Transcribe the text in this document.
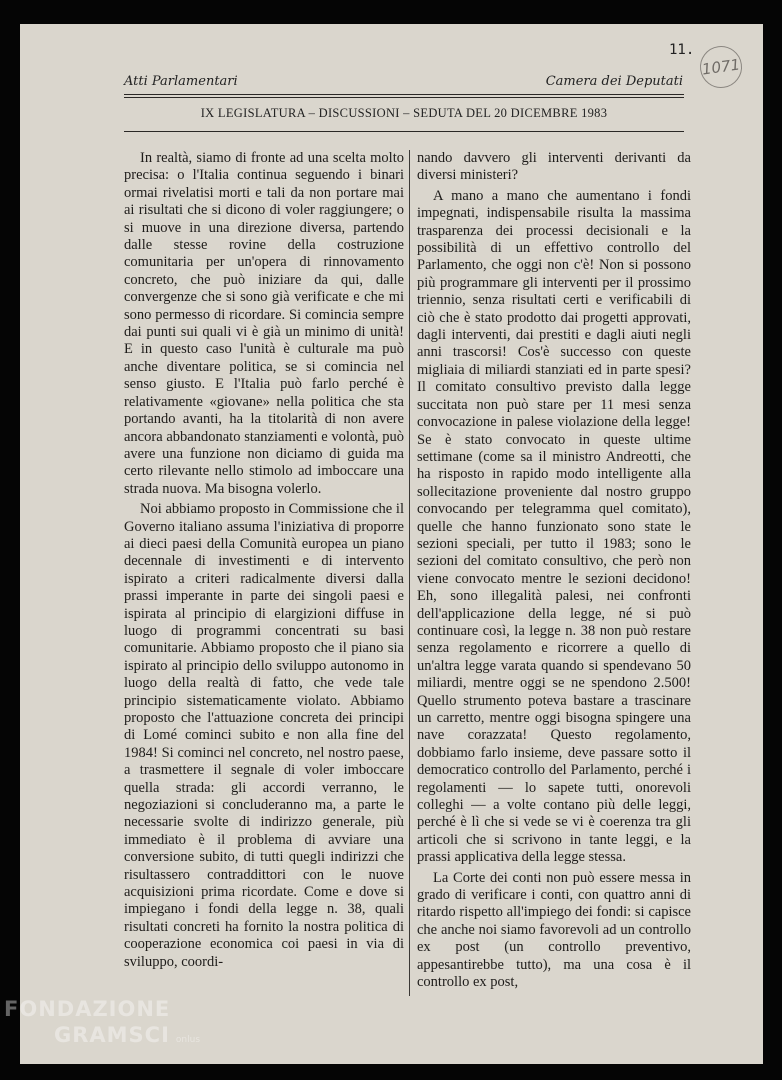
11.
1071
Atti Parlamentari	Camera dei Deputati
IX LEGISLATURA – DISCUSSIONI – SEDUTA DEL 20 DICEMBRE 1983

In realtà, siamo di fronte ad una scelta molto precisa: o l'Italia continua seguendo i binari ormai rivelatisi morti e tali da non portare mai ai risultati che si dicono di voler raggiungere; o si muove in una direzione diversa, partendo dalle stesse rovine della costruzione comunitaria per un'opera di rinnovamento concreto, che può iniziare da qui, dalle convergenze che si sono già verificate e che mi sono permesso di ricordare. Si comincia sempre dai punti sui quali vi è già un minimo di unità! E in questo caso l'unità è culturale ma può anche diventare politica, se si comincia nel senso giusto. E l'Italia può farlo perché è relativamente «giovane» nella politica che sta portando avanti, ha la titolarità di non avere ancora abbandonato stanziamenti e volontà, può avere una funzione non diciamo di guida ma certo rilevante nello stimolo ad imboccare una strada nuova. Ma bisogna volerlo.

Noi abbiamo proposto in Commissione che il Governo italiano assuma l'iniziativa di proporre ai dieci paesi della Comunità europea un piano decennale di investimenti e di intervento ispirato a criteri radicalmente diversi dalla prassi imperante in parte dei singoli paesi e ispirata al principio di elargizioni diffuse in luogo di programmi concentrati su basi comunitarie. Abbiamo proposto che il piano sia ispirato al principio dello sviluppo autonomo in luogo della realtà di fatto, che vede tale principio sistematicamente violato. Abbiamo proposto che l'attuazione concreta dei principi di Lomé cominci subito e non alla fine del 1984! Si cominci nel concreto, nel nostro paese, a trasmettere il segnale di voler imboccare quella strada: gli accordi verranno, le negoziazioni si concluderanno ma, a parte le necessarie svolte di indirizzo generale, più immediato è il problema di avviare una conversione subito, di tutti quegli indirizzi che risultassero contraddittori con le nuove acquisizioni prima ricordate. Come e dove si impiegano i fondi della legge n. 38, quali risultati concreti ha fornito la nostra politica di cooperazione economica coi paesi in via di sviluppo, coordi-

nando davvero gli interventi derivanti da diversi ministeri?

A mano a mano che aumentano i fondi impegnati, indispensabile risulta la massima trasparenza dei processi decisionali e la possibilità di un effettivo controllo del Parlamento, che oggi non c'è! Non si possono più programmare gli interventi per il prossimo triennio, senza risultati certi e verificabili di ciò che è stato prodotto dai progetti approvati, dagli interventi, dai prestiti e dagli aiuti negli anni trascorsi! Cos'è successo con queste migliaia di miliardi stanziati ed in parte spesi? Il comitato consultivo previsto dalla legge succitata non può stare per 11 mesi senza convocazione in palese violazione della legge! Se è stato convocato in queste ultime settimane (come sa il ministro Andreotti, che ha risposto in rapido modo intelligente alla sollecitazione proveniente dal nostro gruppo convocando per telegramma quel comitato), quelle che hanno funzionato sono state le sezioni speciali, per tutto il 1983; sono le sezioni del comitato consultivo, che però non viene convocato mentre le sezioni decidono! Eh, sono illegalità palesi, nei confronti dell'applicazione della legge, né si può continuare così, la legge n. 38 non può restare senza regolamento e ricorrere a quello di un'altra legge varata quando si spendevano 50 miliardi, mentre oggi se ne spendono 2.500! Quello strumento poteva bastare a trascinare un carretto, mentre oggi bisogna spingere una nave corazzata! Questo regolamento, dobbiamo farlo insieme, deve passare sotto il democratico controllo del Parlamento, perché i regolamenti — lo sapete tutti, onorevoli colleghi — a volte contano più delle leggi, perché è lì che si vede se vi è coerenza tra gli articoli che si scrivono in tante leggi, e la prassi applicativa della legge stessa.

La Corte dei conti non può essere messa in grado di verificare i conti, con quattro anni di ritardo rispetto all'impiego dei fondi: si capisce che anche noi siamo favorevoli ad un controllo ex post (un controllo preventivo, appesantirebbe tutto), ma una cosa è il controllo ex post,

FONDAZIONE
GRAMSCI onlus
